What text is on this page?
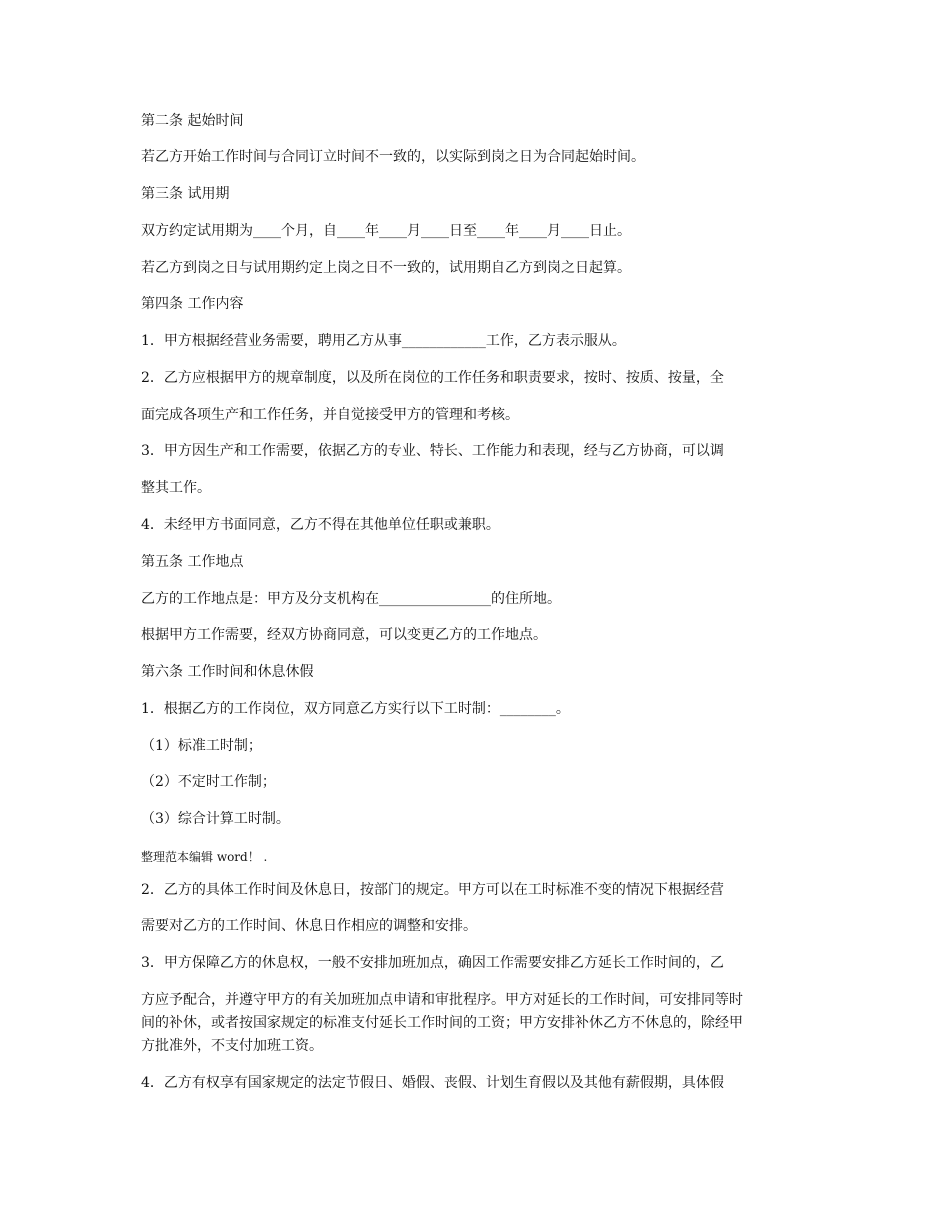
第二条 起始时间
若乙方开始工作时间与合同订立时间不一致的，以实际到岗之日为合同起始时间。
第三条 试用期
双方约定试用期为____个月，自____年____月____日至____年____月____日止。
若乙方到岗之日与试用期约定上岗之日不一致的，试用期自乙方到岗之日起算。
第四条 工作内容
1．甲方根据经营业务需要，聘用乙方从事____________工作，乙方表示服从。
2．乙方应根据甲方的规章制度，以及所在岗位的工作任务和职责要求，按时、按质、按量，全
面完成各项生产和工作任务，并自觉接受甲方的管理和考核。
3．甲方因生产和工作需要，依据乙方的专业、特长、工作能力和表现，经与乙方协商，可以调
整其工作。
4．未经甲方书面同意，乙方不得在其他单位任职或兼职。
第五条 工作地点
乙方的工作地点是：甲方及分支机构在________________的住所地。
根据甲方工作需要，经双方协商同意，可以变更乙方的工作地点。
第六条 工作时间和休息休假
1．根据乙方的工作岗位，双方同意乙方实行以下工时制：________。
（1）标准工时制；
（2）不定时工作制；
（3）综合计算工时制。
整理范本编辑 word！ .
2．乙方的具体工作时间及休息日，按部门的规定。甲方可以在工时标准不变的情况下根据经营
需要对乙方的工作时间、休息日作相应的调整和安排。
3．甲方保障乙方的休息权，一般不安排加班加点，确因工作需要安排乙方延长工作时间的，乙
方应予配合，并遵守甲方的有关加班加点申请和审批程序。甲方对延长的工作时间，可安排同等时
间的补休，或者按国家规定的标准支付延长工作时间的工资；甲方安排补休乙方不休息的，除经甲
方批准外，不支付加班工资。
4．乙方有权享有国家规定的法定节假日、婚假、丧假、计划生育假以及其他有薪假期，具体假
